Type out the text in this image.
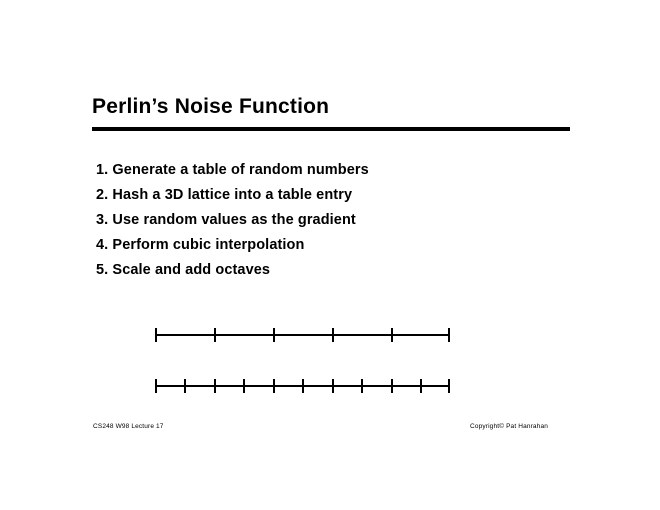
Perlin’s Noise Function
1. Generate a table of random numbers
2. Hash a 3D lattice into a table entry
3. Use random values as the gradient
4. Perform cubic interpolation
5. Scale and add octaves
CS248 W98 Lecture 17	Copyright© Pat Hanrahan
